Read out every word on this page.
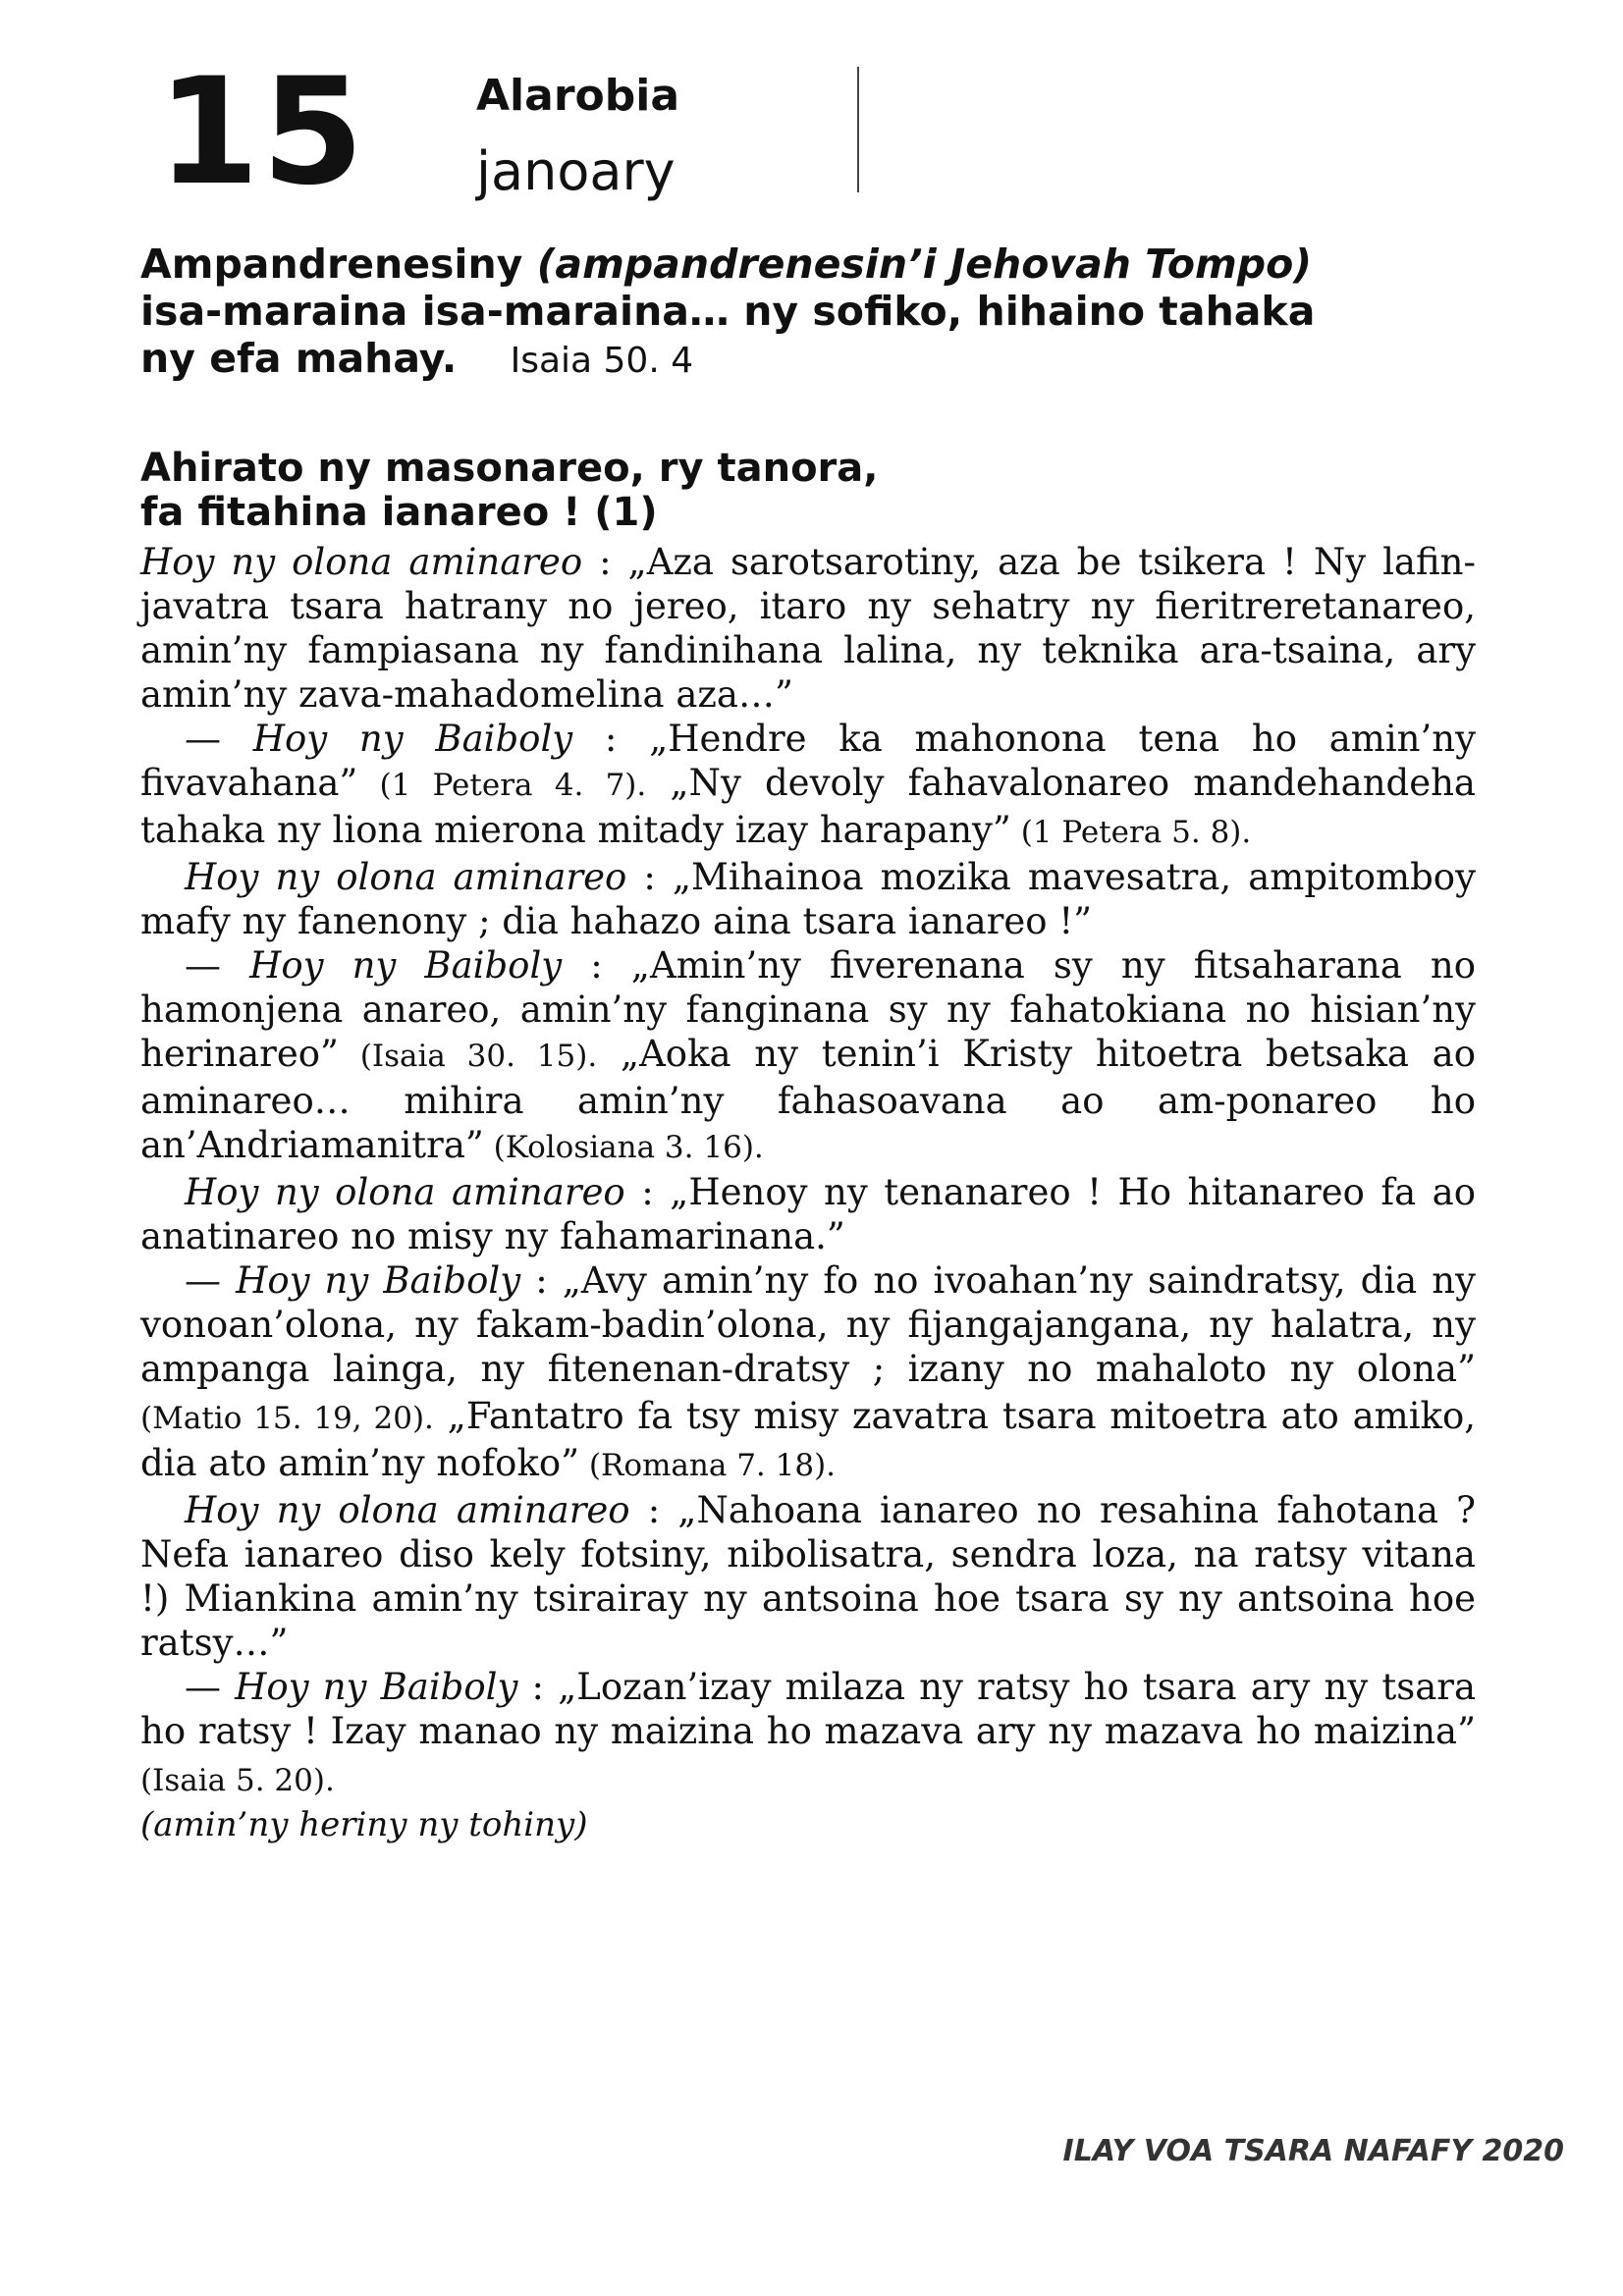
15	Alarobia
janoary
Ampandrenesiny (ampandrenesin’i Jehovah Tompo)
isa-maraina isa-maraina… ny sofiko, hihaino tahaka
ny efa mahay. Isaia 50. 4
Ahirato ny masonareo, ry tanora,
fa fitahina ianareo ! (1)

Hoy ny olona aminareo : „Aza sarotsarotiny, aza be tsikera ! Ny lafin-javatra tsara hatrany no jereo, itaro ny sehatry ny fieritreretanareo, amin’ny fampiasana ny fandinihana lalina, ny teknika ara-tsaina, ary amin’ny zava-mahadomelina aza…”

— Hoy ny Baiboly : „Hendre ka mahonona tena ho amin’ny fivavahana” (1 Petera 4. 7). „Ny devoly fahavalonareo mandehandeha tahaka ny liona mierona mitady izay harapany” (1 Petera 5. 8).

Hoy ny olona aminareo : „Mihainoa mozika mavesatra, ampitomboy mafy ny fanenony ; dia hahazo aina tsara ianareo !”

— Hoy ny Baiboly : „Amin’ny fiverenana sy ny fitsaharana no hamonjena anareo, amin’ny fanginana sy ny fahatokiana no hisian’ny herinareo” (Isaia 30. 15). „Aoka ny tenin’i Kristy hitoetra betsaka ao aminareo… mihira amin’ny fahasoavana ao am-ponareo ho an’Andriamanitra” (Kolosiana 3. 16).

Hoy ny olona aminareo : „Henoy ny tenanareo ! Ho hitanareo fa ao anatinareo no misy ny fahamarinana.”

— Hoy ny Baiboly : „Avy amin’ny fo no ivoahan’ny saindratsy, dia ny vonoan’olona, ny fakam-badin’olona, ny fijangajangana, ny halatra, ny ampanga lainga, ny fitenenan-dratsy ; izany no mahaloto ny olona” (Matio 15. 19, 20). „Fantatro fa tsy misy zavatra tsara mitoetra ato amiko, dia ato amin’ny nofoko” (Romana 7. 18).

Hoy ny olona aminareo : „Nahoana ianareo no resahina fahotana ? Nefa ianareo diso kely fotsiny, nibolisatra, sendra loza, na ratsy vitana !) Miankina amin’ny tsirairay ny antsoina hoe tsara sy ny antsoina hoe ratsy…”

— Hoy ny Baiboly : „Lozan’izay milaza ny ratsy ho tsara ary ny tsara ho ratsy ! Izay manao ny maizina ho mazava ary ny mazava ho maizina” (Isaia 5. 20).

(amin’ny heriny ny tohiny)

ILAY VOA TSARA NAFAFY 2020
